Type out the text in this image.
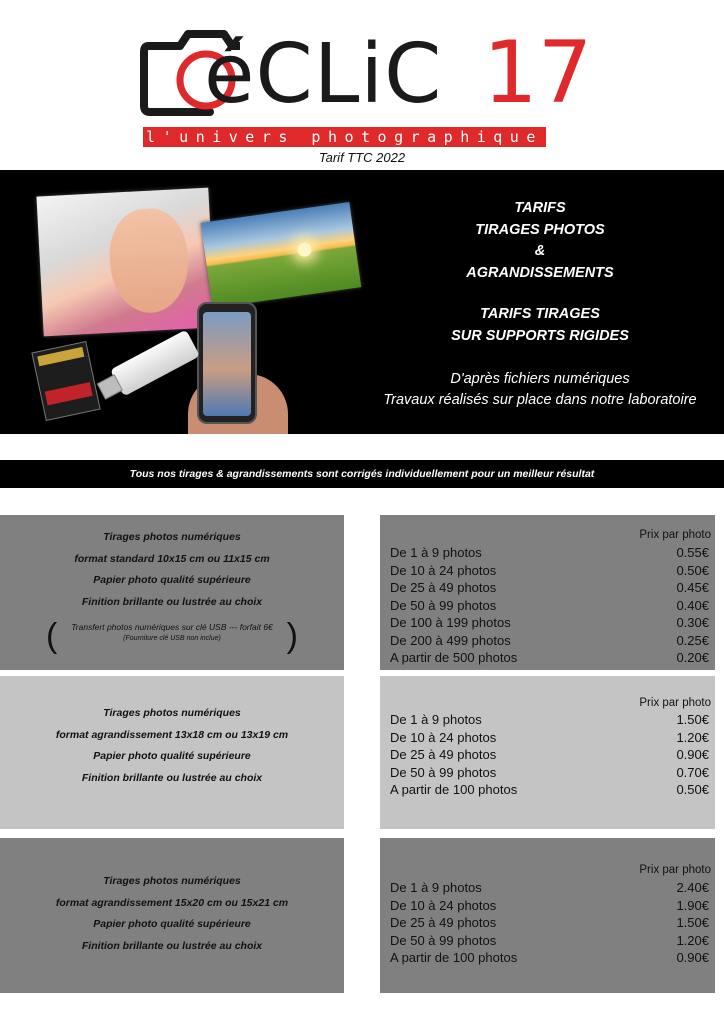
éCLiC 17
l'univers photographique
Tarif TTC 2022
TARIFS
TIRAGES PHOTOS
&
AGRANDISSEMENTS
TARIFS TIRAGES
SUR SUPPORTS RIGIDES
D'après fichiers numériques
Travaux réalisés sur place dans notre laboratoire
Tous nos tirages & agrandissements sont corrigés individuellement pour un meilleur résultat
Tirages photos numériques
format standard 10x15 cm ou 11x15 cm
Papier photo qualité supérieure
Finition brillante ou lustrée au choix
(	Transfert photos numériques sur clé USB --- forfait 6€
(Fourniture clé USB non inclue)	)
Prix par photo
De 1 à 9 photos	0.55€
De 10 à 24 photos	0.50€
De 25 à 49 photos	0.45€
De 50 à 99 photos	0.40€
De 100 à 199 photos	0.30€
De 200 à 499 photos	0.25€
A partir de 500 photos	0.20€
Tirages photos numériques
format agrandissement 13x18 cm ou 13x19 cm
Papier photo qualité supérieure
Finition brillante ou lustrée au choix
Prix par photo
De 1 à 9 photos	1.50€
De 10 à 24 photos	1.20€
De 25 à 49 photos	0.90€
De 50 à 99 photos	0.70€
A partir de 100 photos	0.50€
Tirages photos numériques
format agrandissement 15x20 cm ou 15x21 cm
Papier photo qualité supérieure
Finition brillante ou lustrée au choix
Prix par photo
De 1 à 9 photos	2.40€
De 10 à 24 photos	1.90€
De 25 à 49 photos	1.50€
De 50 à 99 photos	1.20€
A partir de 100 photos	0.90€
